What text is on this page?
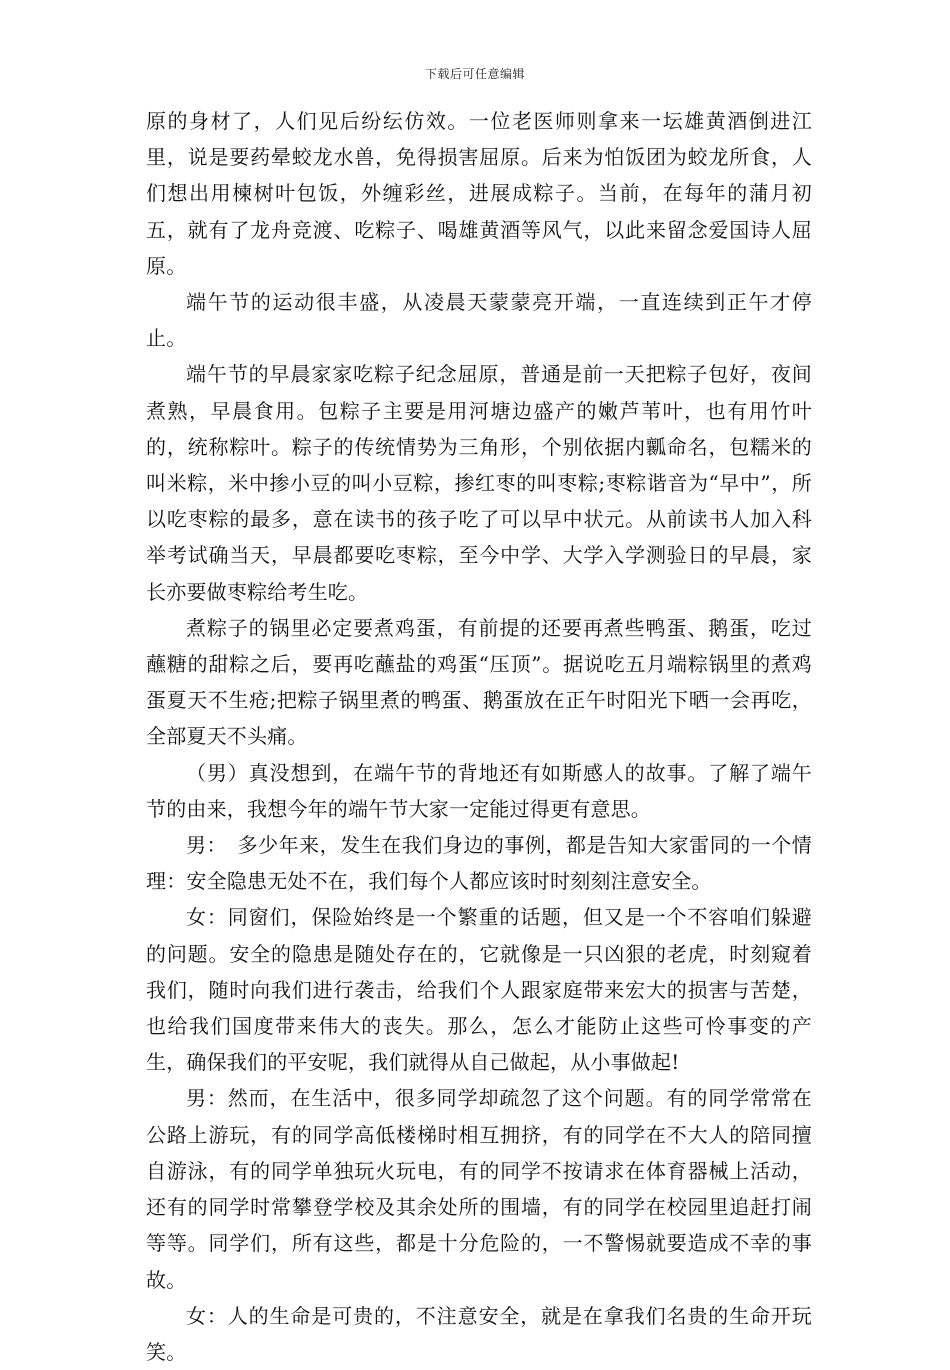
下载后可任意编辑

原的身材了，人们见后纷纭仿效。一位老医师则拿来一坛雄黄酒倒进江里，说是要药晕蛟龙水兽，免得损害屈原。后来为怕饭团为蛟龙所食，人们想出用楝树叶包饭，外缠彩丝，进展成粽子。当前，在每年的蒲月初五，就有了龙舟竞渡、吃粽子、喝雄黄酒等风气，以此来留念爱国诗人屈原。

端午节的运动很丰盛，从凌晨天蒙蒙亮开端，一直连续到正午才停止。

端午节的早晨家家吃粽子纪念屈原，普通是前一天把粽子包好，夜间煮熟，早晨食用。包粽子主要是用河塘边盛产的嫩芦苇叶，也有用竹叶的，统称粽叶。粽子的传统情势为三角形，个别依据内瓤命名，包糯米的叫米粽，米中掺小豆的叫小豆粽，掺红枣的叫枣粽;枣粽谐音为“早中”，所以吃枣粽的最多，意在读书的孩子吃了可以早中状元。从前读书人加入科举考试确当天，早晨都要吃枣粽，至今中学、大学入学测验日的早晨，家长亦要做枣粽给考生吃。

煮粽子的锅里必定要煮鸡蛋，有前提的还要再煮些鸭蛋、鹅蛋，吃过蘸糖的甜粽之后，要再吃蘸盐的鸡蛋“压顶”。据说吃五月端粽锅里的煮鸡蛋夏天不生疮;把粽子锅里煮的鸭蛋、鹅蛋放在正午时阳光下晒一会再吃，全部夏天不头痛。

（男）真没想到，在端午节的背地还有如斯感人的故事。了解了端午节的由来，我想今年的端午节大家一定能过得更有意思。

男：　多少年来，发生在我们身边的事例，都是告知大家雷同的一个情理：安全隐患无处不在，我们每个人都应该时时刻刻注意安全。

女：同窗们，保险始终是一个繁重的话题，但又是一个不容咱们躲避的问题。安全的隐患是随处存在的，它就像是一只凶狠的老虎，时刻窥着我们，随时向我们进行袭击，给我们个人跟家庭带来宏大的损害与苦楚，也给我们国度带来伟大的丧失。那么，怎么才能防止这些可怜事变的产生，确保我们的平安呢，我们就得从自己做起，从小事做起!

男：然而，在生活中，很多同学却疏忽了这个问题。有的同学常常在公路上游玩，有的同学高低楼梯时相互拥挤，有的同学在不大人的陪同擅自游泳，有的同学单独玩火玩电，有的同学不按请求在体育器械上活动，还有的同学时常攀登学校及其余处所的围墙，有的同学在校园里追赶打闹等等。同学们，所有这些，都是十分危险的，一不警惕就要造成不幸的事故。

女：人的生命是可贵的，不注意安全，就是在拿我们名贵的生命开玩笑。
